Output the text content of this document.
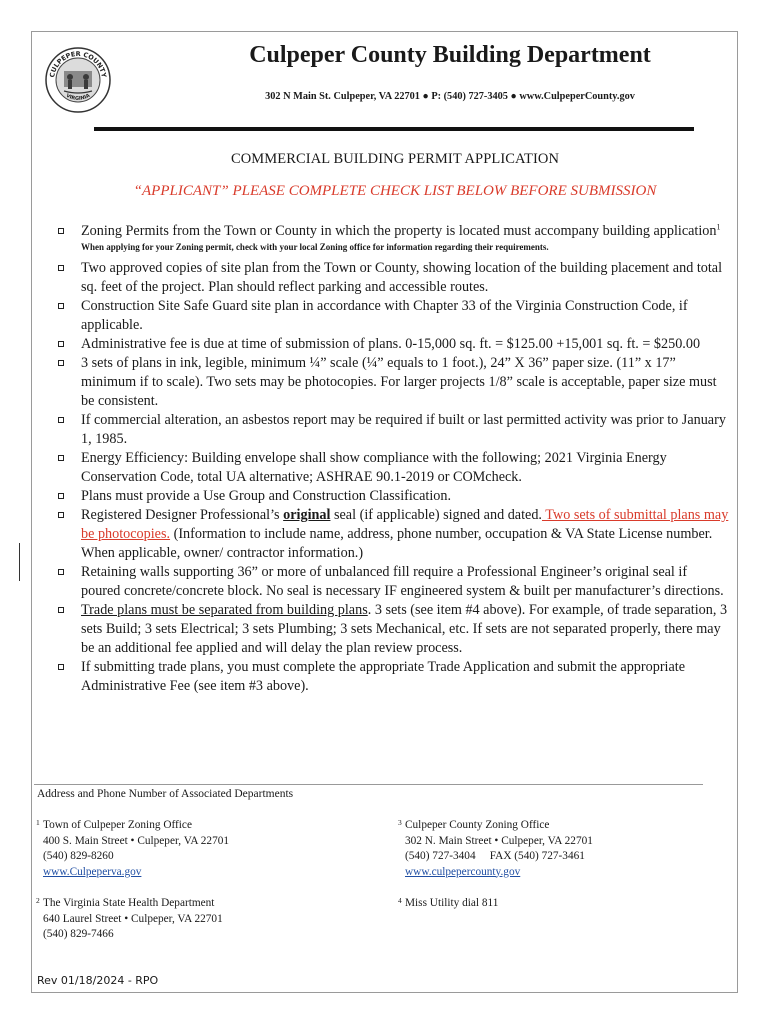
CULPEPER COUNTY
VIRGINIA
Culpeper County Building Department
302 N Main St. Culpeper, VA 22701 ● P: (540) 727-3405 ● www.CulpeperCounty.gov
COMMERCIAL BUILDING PERMIT APPLICATION
“APPLICANT” PLEASE COMPLETE CHECK LIST BELOW BEFORE SUBMISSION
Zoning Permits from the Town or County in which the property is located must accompany building application$^1$
When applying for your Zoning permit, check with your local Zoning office for information regarding their requirements.
Two approved copies of site plan from the Town or County, showing location of the building placement and total sq. feet of the project. Plan should reflect parking and accessible routes.
Construction Site Safe Guard site plan in accordance with Chapter 33 of the Virginia Construction Code, if applicable.
Administrative fee is due at time of submission of plans. 0-15,000 sq. ft. = $125.00 +15,001 sq. ft. = $250.00
3 sets of plans in ink, legible, minimum ¼” scale (¼” equals to 1 foot.), 24” X 36” paper size. (11” x 17” minimum if to scale). Two sets may be photocopies. For larger projects 1/8” scale is acceptable, paper size must be consistent.
If commercial alteration, an asbestos report may be required if built or last permitted activity was prior to January 1, 1985.
Energy Efficiency: Building envelope shall show compliance with the following; 2021 Virginia Energy Conservation Code, total UA alternative; ASHRAE 90.1-2019 or COMcheck.
Plans must provide a Use Group and Construction Classification.
Registered Designer Professional’s original seal (if applicable) signed and dated. Two sets of submittal plans may be photocopies. (Information to include name, address, phone number, occupation & VA State License number. When applicable, owner/ contractor information.)
Retaining walls supporting 36” or more of unbalanced fill require a Professional Engineer’s original seal if poured concrete/concrete block. No seal is necessary IF engineered system & built per manufacturer’s directions.
Trade plans must be separated from building plans. 3 sets (see item #4 above). For example, of trade separation, 3 sets Build; 3 sets Electrical; 3 sets Plumbing; 3 sets Mechanical, etc. If sets are not separated properly, there may be an additional fee applied and will delay the plan review process.
If submitting trade plans, you must complete the appropriate Trade Application and submit the appropriate Administrative Fee (see item #3 above).
Address and Phone Number of Associated Departments
1 Town of Culpeper Zoning Office
400 S. Main Street • Culpeper, VA 22701
(540) 829-8260
www.Culpeperva.gov
2 The Virginia State Health Department
640 Laurel Street • Culpeper, VA 22701
(540) 829-7466
3 Culpeper County Zoning Office
302 N. Main Street • Culpeper, VA 22701
(540) 727-3404     FAX (540) 727-3461
www.culpepercounty.gov
4 Miss Utility dial 811
Rev 01/18/2024 - RPO
